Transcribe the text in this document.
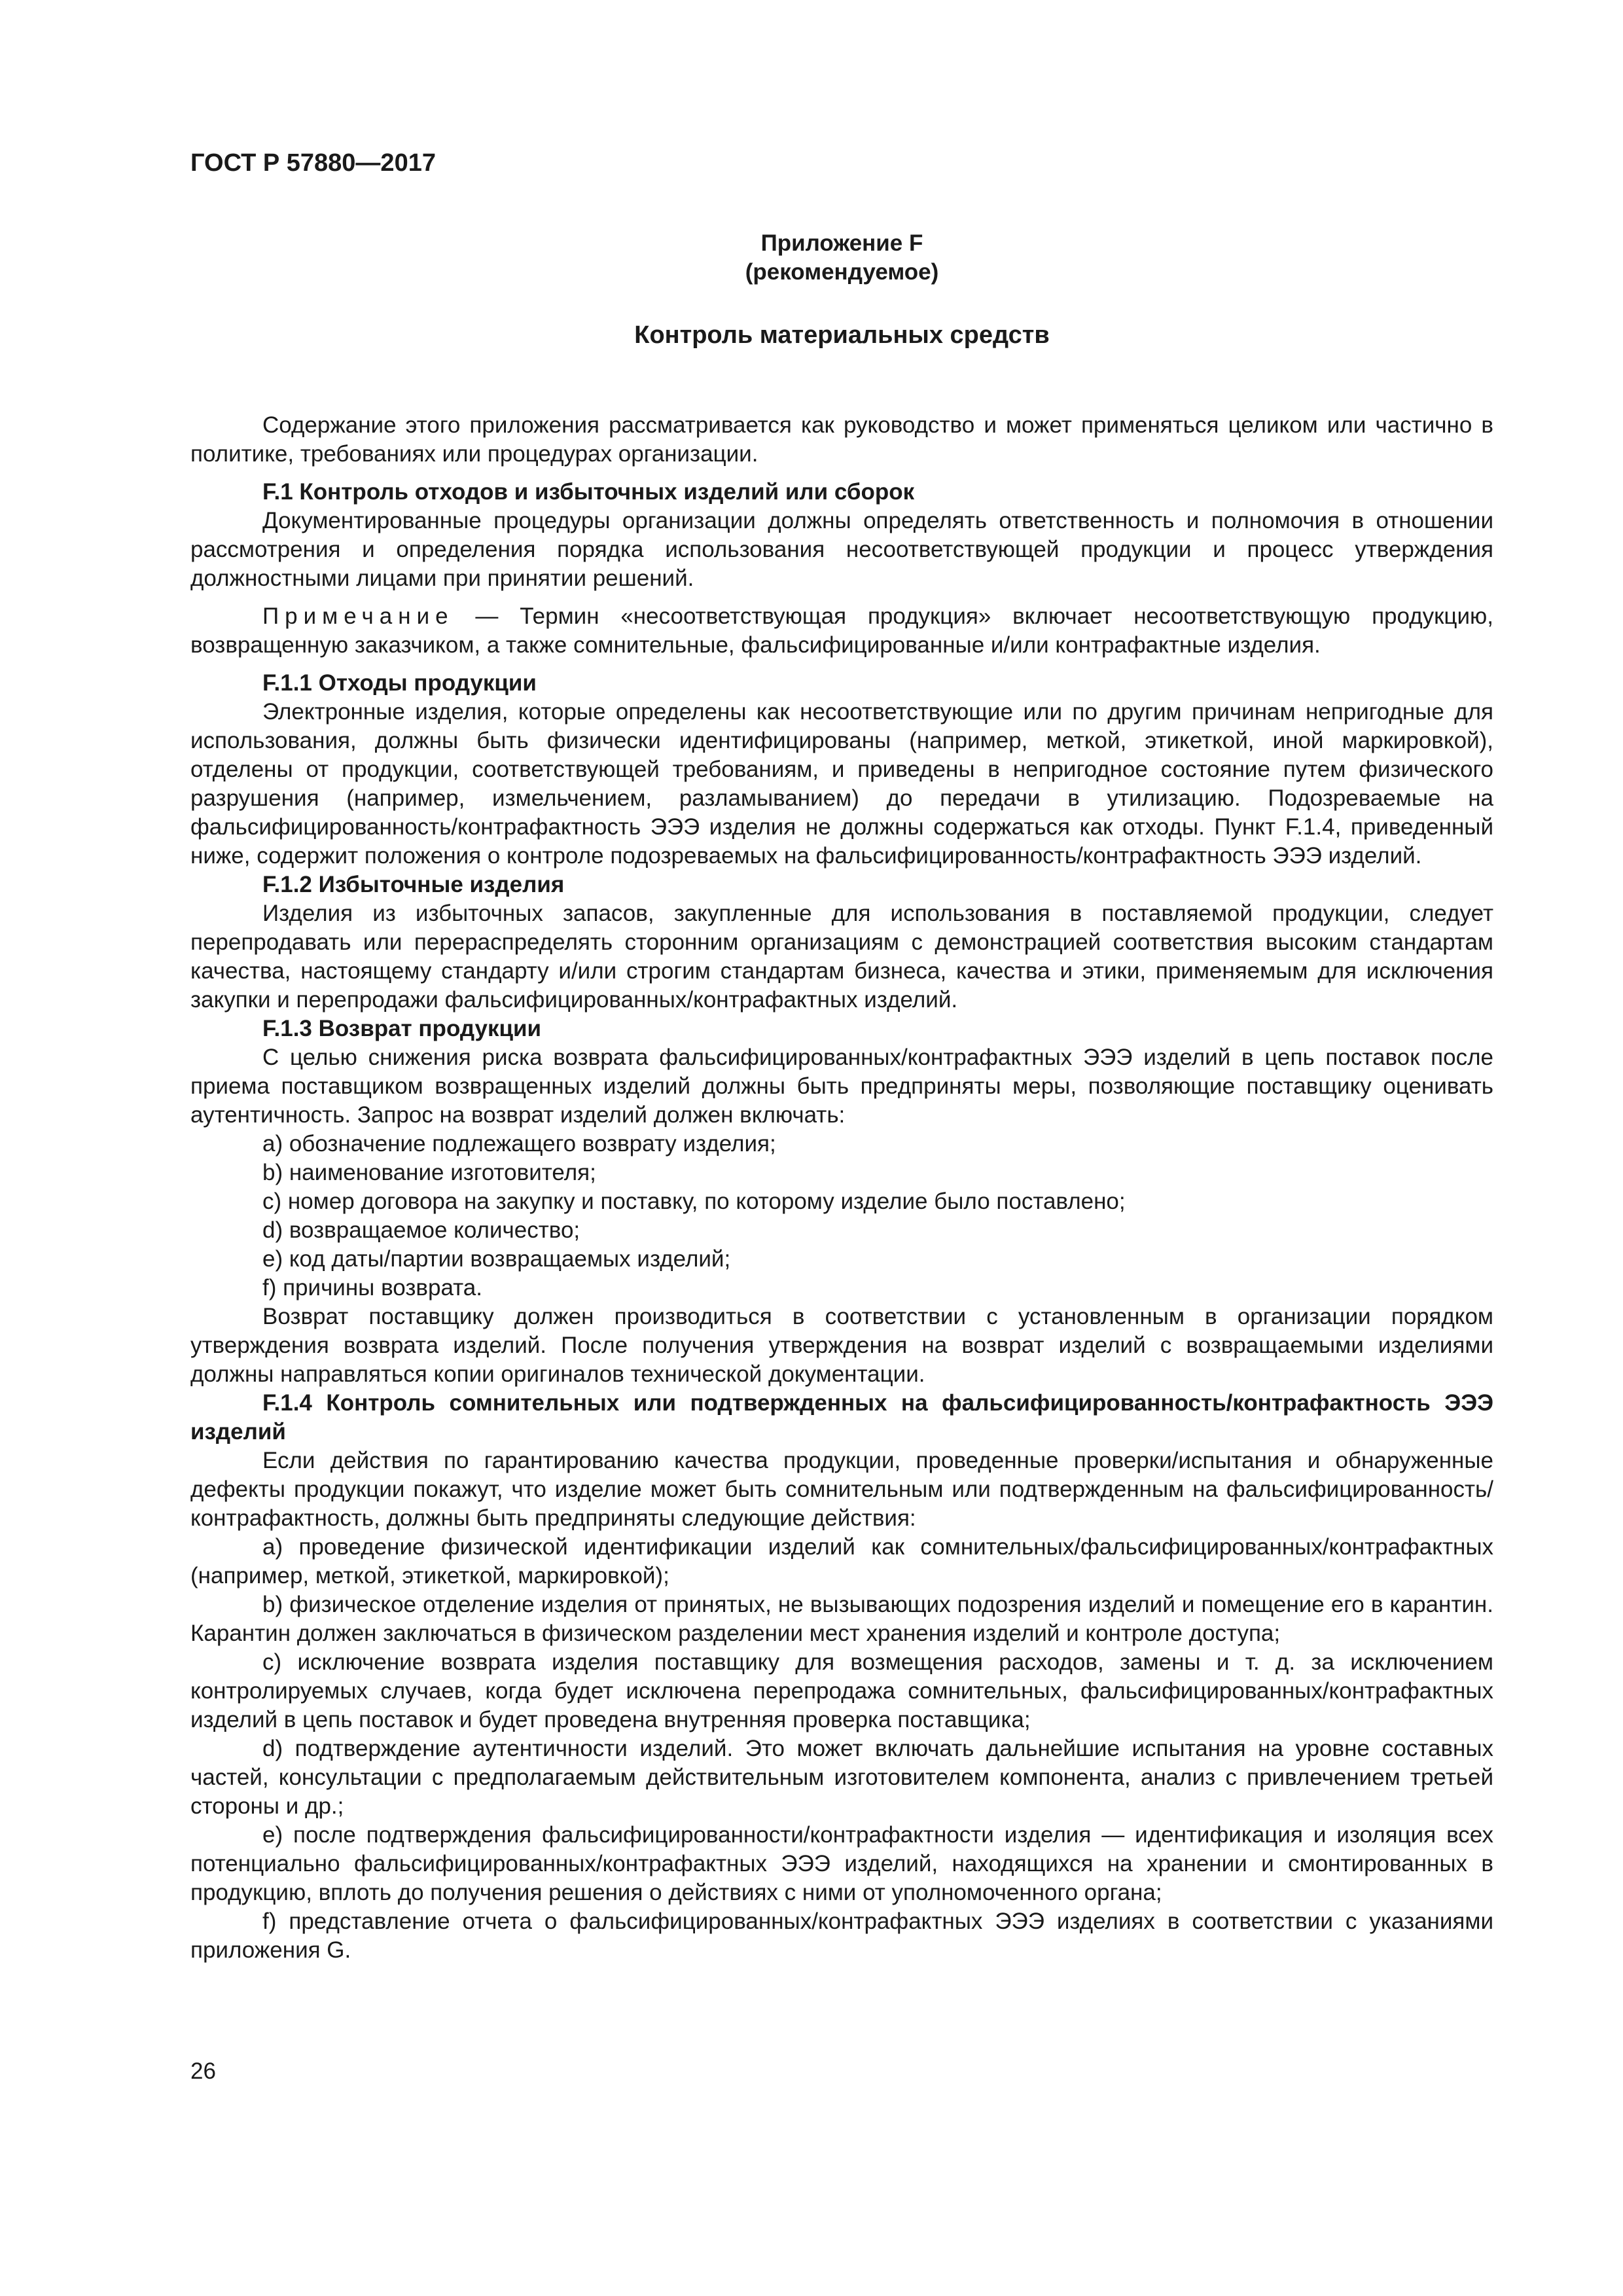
ГОСТ Р 57880—2017
Приложение F
(рекомендуемое)
Контроль материальных средств

Содержание этого приложения рассматривается как руководство и может применяться целиком или частично в политике, требованиях или процедурах организации.

F.1 Контроль отходов и избыточных изделий или сборок

Документированные процедуры организации должны определять ответственность и полномочия в отношении рассмотрения и определения порядка использования несоответствующей продукции и процесс утверждения должностными лицами при принятии решений.

Примечание — Термин «несоответствующая продукция» включает несоответствующую продукцию, возвращенную заказчиком, а также сомнительные, фальсифицированные и/или контрафактные изделия.

F.1.1 Отходы продукции

Электронные изделия, которые определены как несоответствующие или по другим причинам непригодные для использования, должны быть физически идентифицированы (например, меткой, этикеткой, иной маркировкой), отделены от продукции, соответствующей требованиям, и приведены в непригодное состояние путем физического разрушения (например, измельчением, разламыванием) до передачи в утилизацию. Подозреваемые на фальсифицированность/контрафактность ЭЭЭ изделия не должны содержаться как отходы. Пункт F.1.4, приведенный ниже, содержит положения о контроле подозреваемых на фальсифицированность/контрафактность ЭЭЭ изделий.

F.1.2 Избыточные изделия

Изделия из избыточных запасов, закупленные для использования в поставляемой продукции, следует перепродавать или перераспределять сторонним организациям с демонстрацией соответствия высоким стандартам качества, настоящему стандарту и/или строгим стандартам бизнеса, качества и этики, применяемым для исключения закупки и перепродажи фальсифицированных/контрафактных изделий.

F.1.3 Возврат продукции

С целью снижения риска возврата фальсифицированных/контрафактных ЭЭЭ изделий в цепь поставок после приема поставщиком возвращенных изделий должны быть предприняты меры, позволяющие поставщику оценивать аутентичность. Запрос на возврат изделий должен включать:

a) обозначение подлежащего возврату изделия;

b) наименование изготовителя;

c) номер договора на закупку и поставку, по которому изделие было поставлено;

d) возвращаемое количество;

e) код даты/партии возвращаемых изделий;

f) причины возврата.

Возврат поставщику должен производиться в соответствии с установленным в организации порядком утверждения возврата изделий. После получения утверждения на возврат изделий с возвращаемыми изделиями должны направляться копии оригиналов технической документации.

F.1.4 Контроль сомнительных или подтвержденных на фальсифицированность/контрафактность ЭЭЭ изделий

Если действия по гарантированию качества продукции, проведенные проверки/испытания и обнаруженные дефекты продукции покажут, что изделие может быть сомнительным или подтвержденным на фальсифицированность/контрафактность, должны быть предприняты следующие действия:

a) проведение физической идентификации изделий как сомнительных/фальсифицированных/контрафактных (например, меткой, этикеткой, маркировкой);

b) физическое отделение изделия от принятых, не вызывающих подозрения изделий и помещение его в карантин. Карантин должен заключаться в физическом разделении мест хранения изделий и контроле доступа;

c) исключение возврата изделия поставщику для возмещения расходов, замены и т. д. за исключением контролируемых случаев, когда будет исключена перепродажа сомнительных, фальсифицированных/контрафактных изделий в цепь поставок и будет проведена внутренняя проверка поставщика;

d) подтверждение аутентичности изделий. Это может включать дальнейшие испытания на уровне составных частей, консультации с предполагаемым действительным изготовителем компонента, анализ с привлечением третьей стороны и др.;

e) после подтверждения фальсифицированности/контрафактности изделия — идентификация и изоляция всех потенциально фальсифицированных/контрафактных ЭЭЭ изделий, находящихся на хранении и смонтированных в продукцию, вплоть до получения решения о действиях с ними от уполномоченного органа;

f) представление отчета о фальсифицированных/контрафактных ЭЭЭ изделиях в соответствии с указаниями приложения G.

26
